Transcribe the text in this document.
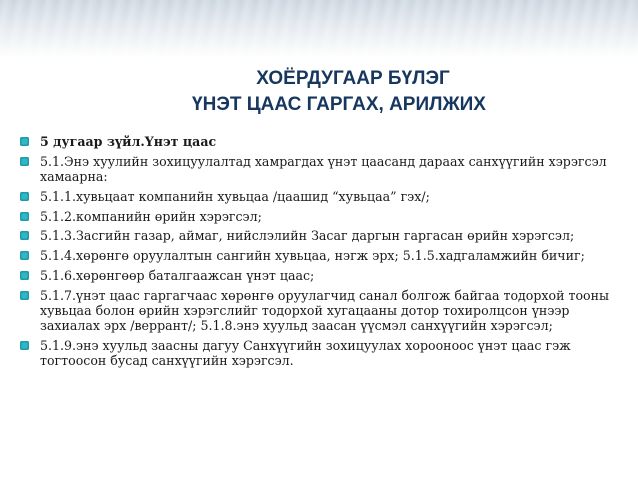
ХОЁРДУГААР БҮЛЭГ
ҮНЭТ ЦААС ГАРГАХ, АРИЛЖИХ
5 дугаар зүйл.Үнэт цаас
5.1.Энэ хуулийн зохицуулалтад хамрагдах үнэт цаасанд дараах санхүүгийн хэрэгсэл хамаарна:
5.1.1.хувьцаат компанийн хувьцаа /цаашид “хувьцаа” гэх/;
5.1.2.компанийн өрийн хэрэгсэл;
5.1.3.Засгийн газар, аймаг, нийслэлийн Засаг даргын гаргасан өрийн хэрэгсэл;
5.1.4.хөрөнгө оруулалтын сангийн хувьцаа, нэгж эрх; 5.1.5.хадгаламжийн бичиг;
5.1.6.хөрөнгөөр баталгаажсан үнэт цаас;
5.1.7.үнэт цаас гаргагчаас хөрөнгө оруулагчид санал болгож байгаа тодорхой тооны хувьцаа болон өрийн хэрэгслийг тодорхой хугацааны дотор тохиролцсон үнээр захиалах эрх /веррант/; 5.1.8.энэ хуульд заасан үүсмэл санхүүгийн хэрэгсэл;
5.1.9.энэ хуульд заасны дагуу Санхүүгийн зохицуулах хорооноос үнэт цаас гэж тогтоосон бусад санхүүгийн хэрэгсэл.
